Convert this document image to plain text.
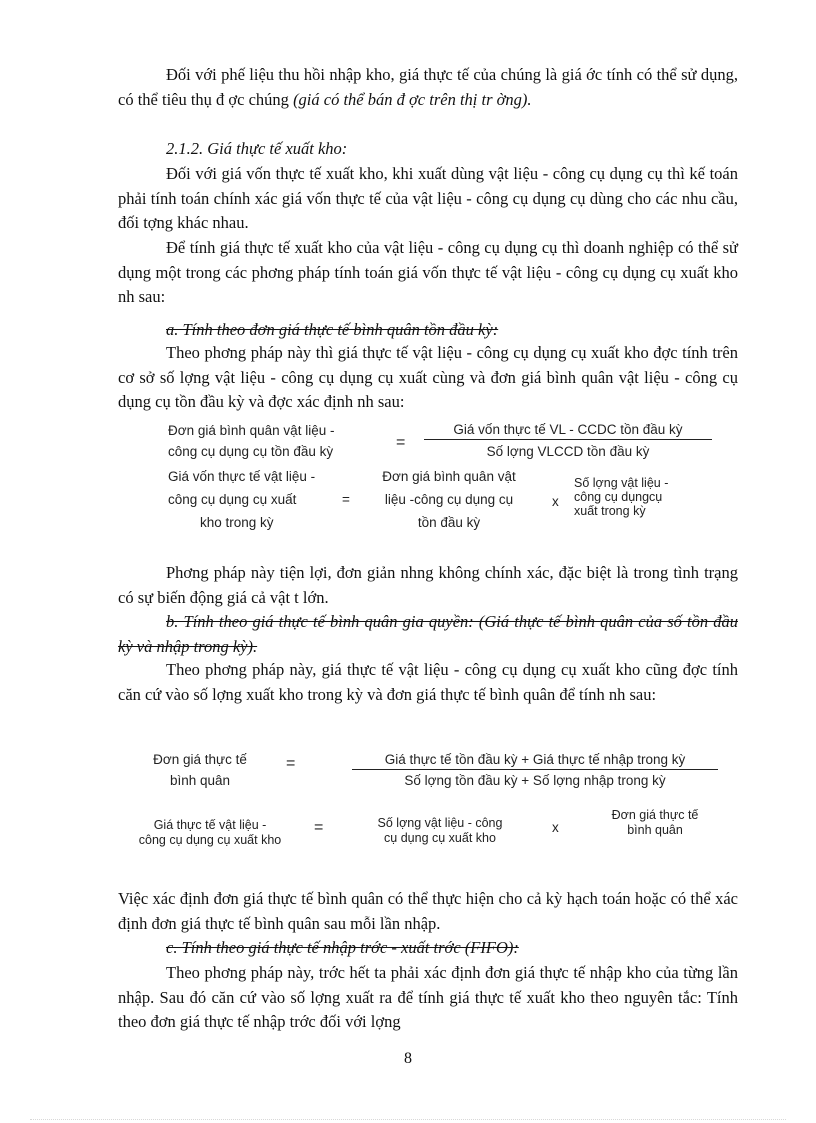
Đối với phế liệu thu hồi nhập kho, giá thực tế của chúng là giá ớc tính có thể sử dụng, có thể tiêu thụ đ ợc chúng (giá có thể bán đ ợc trên thị tr ờng).

2.1.2. Giá thực tế xuất kho:

Đối với giá vốn thực tế xuất kho, khi xuất dùng vật liệu - công cụ dụng cụ thì kế toán phải tính toán chính xác giá vốn thực tế của vật liệu - công cụ dụng cụ dùng cho các nhu cầu, đối tợng khác nhau.

Để tính giá thực tế xuất kho của vật liệu - công cụ dụng cụ thì doanh nghiệp có thể sử dụng một trong các phơng pháp tính toán giá vốn thực tế vật liệu - công cụ dụng cụ xuất kho nh sau:

a. Tính theo đơn giá thực tế bình quân tồn đầu kỳ:

Theo phơng pháp này thì giá thực tế vật liệu - công cụ dụng cụ xuất kho đợc tính trên cơ sở số lợng vật liệu - công cụ dụng cụ xuất cùng và đơn giá bình quân vật liệu - công cụ dụng cụ tồn đầu kỳ và đợc xác định nh sau:

Đơn giá bình quân vật liệu -
công cụ dụng cụ tồn đầu kỳ
=
Giá vốn thực tế VL - CCDC tồn đầu kỳ
Số lợng VLCCD tồn đầu kỳ
Giá vốn thực tế vật liệu -
công cụ dụng cụ xuất
kho trong kỳ
=
Đơn giá bình quân vật
liệu -công cụ dụng cụ
tồn đầu kỳ
x
Số lợng vật liệu -
công cụ dụngcụ
xuất trong kỳ

Phơng pháp này tiện lợi, đơn giản nhng không chính xác, đặc biệt là trong tình trạng có sự biến động giá cả vật t lớn.

b. Tính theo giá thực tế bình quân gia quyền: (Giá thực tế bình quân của số tồn đầu kỳ và nhập trong kỳ).

Theo phơng pháp này, giá thực tế vật liệu - công cụ dụng cụ xuất kho cũng đợc tính căn cứ vào số lợng xuất kho trong kỳ và đơn giá thực tế bình quân để tính nh sau:

Đơn giá thực tế
bình quân
=	Giá thực tế tồn đầu kỳ + Giá thực tế nhập trong kỳ
Số lợng tồn đầu kỳ + Số lợng nhập trong kỳ
Giá thực tế vật liệu -
công cụ dụng cụ xuất kho
=	Số lợng vật liệu - công
cụ dụng cụ xuất kho
x
Đơn giá thực tế
bình quân

Việc xác định đơn giá thực tế bình quân có thể thực hiện cho cả kỳ hạch toán hoặc có thể xác định đơn giá thực tế bình quân sau mỗi lần nhập.

c. Tính theo giá thực tế nhập trớc - xuất trớc (FIFO):

Theo phơng pháp này, trớc hết ta phải xác định đơn giá thực tế nhập kho của từng lần nhập. Sau đó căn cứ vào số lợng xuất ra để tính giá thực tế xuất kho theo nguyên tắc: Tính theo đơn giá thực tế nhập trớc đối với lợng

8
